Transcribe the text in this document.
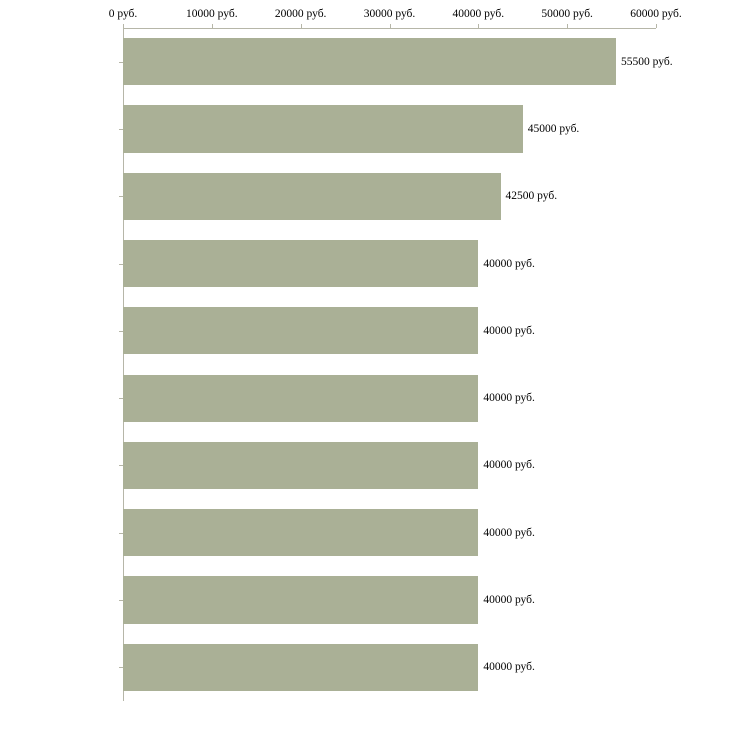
0 руб.	10000 руб.	20000 руб.	30000 руб.	40000 руб.	50000 руб.	60000 руб.
55500 руб.
45000 руб.
42500 руб.
40000 руб.
40000 руб.
40000 руб.
40000 руб.
40000 руб.
40000 руб.
40000 руб.
